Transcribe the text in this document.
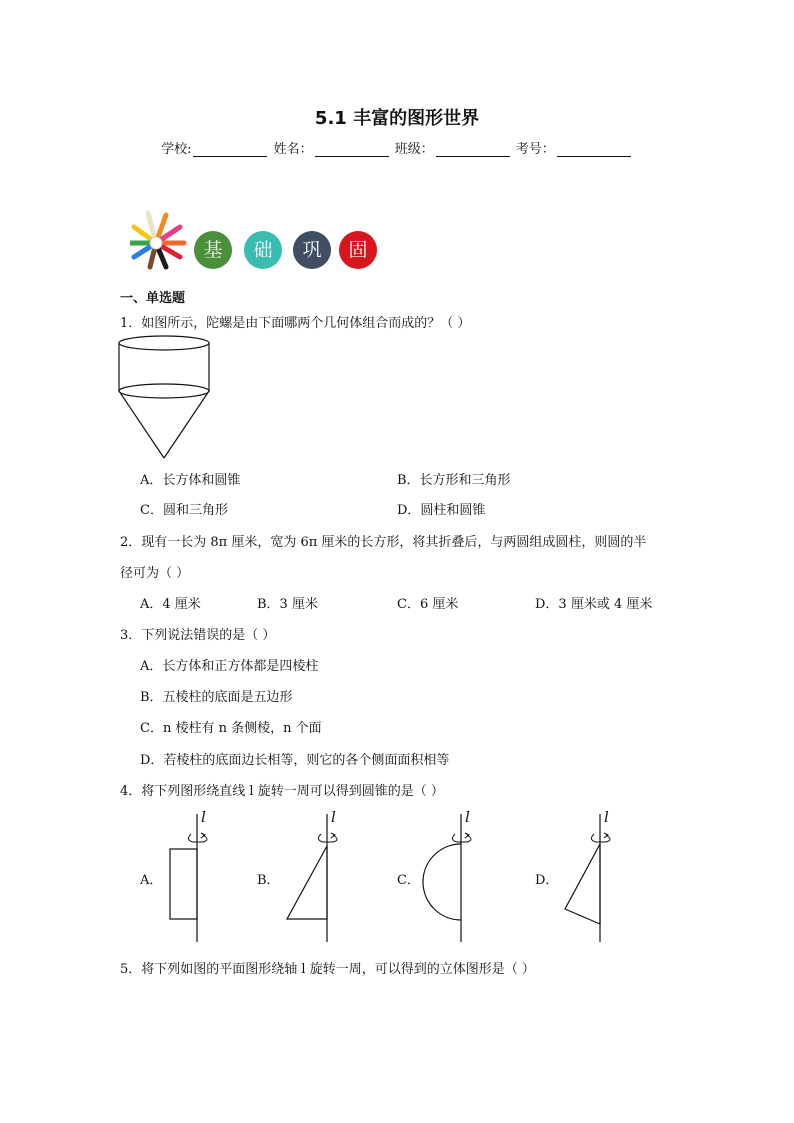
5.1 丰富的图形世界
学校:	姓名：	班级：	考号：
基	础	巩	固
一、单选题
1．如图所示，陀螺是由下面哪两个几何体组合而成的？（ ）
A．长方体和圆锥	B．长方形和三角形
C．圆和三角形	D．圆柱和圆锥
2．现有一长为 8π 厘米，宽为 6π 厘米的长方形，将其折叠后，与两圆组成圆柱，则圆的半
径可为（ ）
A．4 厘米	B．3 厘米	C．6 厘米	D．3 厘米或 4 厘米
3．下列说法错误的是（ ）
A．长方体和正方体都是四棱柱
B．五棱柱的底面是五边形
C．n 棱柱有 n 条侧棱，n 个面
D．若棱柱的底面边长相等，则它的各个侧面面积相等
4．将下列图形绕直线 l 旋转一周可以得到圆锥的是（ ）
A．
l
B．
l
C．
l
D．
l
5．将下列如图的平面图形绕轴 l 旋转一周，可以得到的立体图形是（ ）
